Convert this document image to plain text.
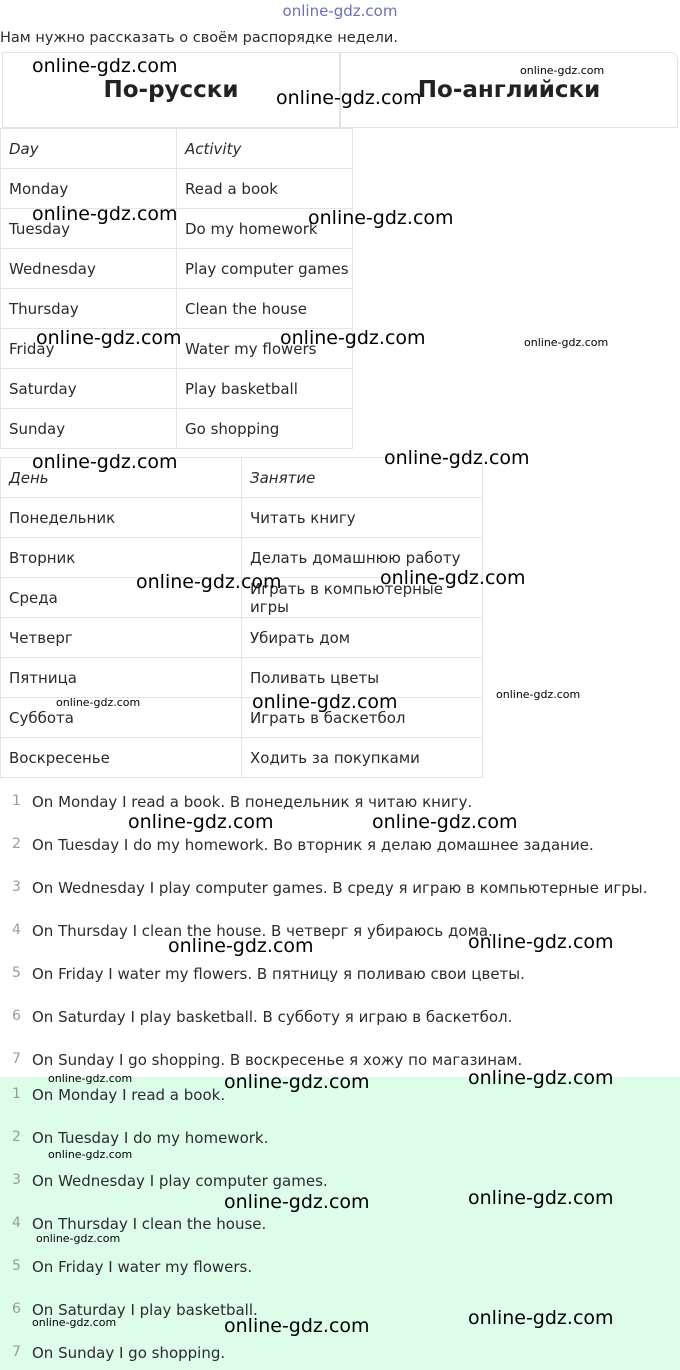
online-gdz.com
Нам нужно рассказать о своём распорядке недели.
По-русски	По-английски
Day	Activity
Monday	Read a book
Tuesday	Do my homework
Wednesday	Play computer games
Thursday	Clean the house
Friday	Water my flowers
Saturday	Play basketball
Sunday	Go shopping
День	Занятие
Понедельник	Читать книгу
Вторник	Делать домашнюю работу
Среда	Играть в компьютерные игры
Четверг	Убирать дом
Пятница	Поливать цветы
Суббота	Играть в баскетбол
Воскресенье	Ходить за покупками
1 On Monday I read a book. В понедельник я читаю книгу.
2 On Tuesday I do my homework. Во вторник я делаю домашнее задание.
3 On Wednesday I play computer games. В среду я играю в компьютерные игры.
4 On Thursday I clean the house. В четверг я убираюсь дома.
5 On Friday I water my flowers. В пятницу я поливаю свои цветы.
6 On Saturday I play basketball. В субботу я играю в баскетбол.
7 On Sunday I go shopping. В воскресенье я хожу по магазинам.
1 On Monday I read a book.
2 On Tuesday I do my homework.
3 On Wednesday I play computer games.
4 On Thursday I clean the house.
5 On Friday I water my flowers.
6 On Saturday I play basketball.
7 On Sunday I go shopping.
online-gdz.com
online-gdz.com
online-gdz.com
online-gdz.com	online-gdz.com
online-gdz.com	online-gdz.com	online-gdz.com
online-gdz.com	online-gdz.com
online-gdz.com	online-gdz.com
online-gdz.com	online-gdz.com	online-gdz.com
online-gdz.com	online-gdz.com
online-gdz.com	online-gdz.com
online-gdz.com	online-gdz.com	online-gdz.com
online-gdz.com
online-gdz.com	online-gdz.com
online-gdz.com
online-gdz.com	online-gdz.com	online-gdz.com
